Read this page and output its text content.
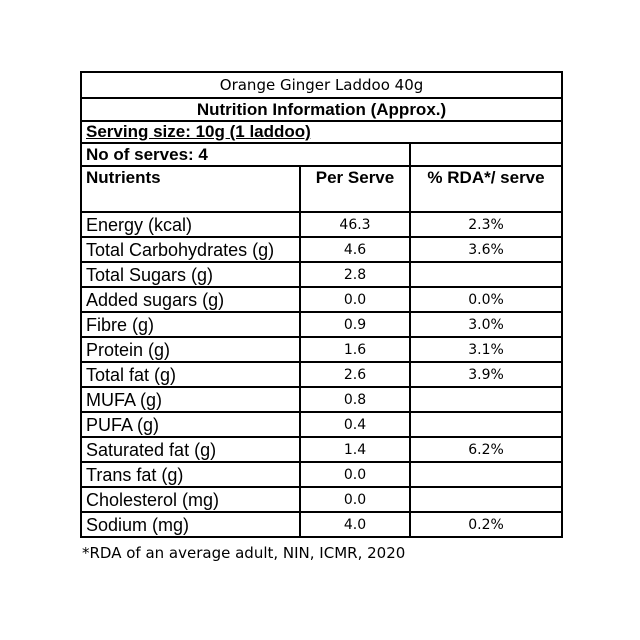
Orange Ginger Laddoo 40g		
Nutrition Information (Approx.)		
Serving size: 10g (1 laddoo)		
No of serves: 4		
Nutrients	Per Serve	% RDA*/ serve
Energy (kcal)	46.3	2.3%
Total Carbohydrates (g)	4.6	3.6%
Total Sugars (g)	2.8	
Added sugars (g)	0.0	0.0%
Fibre (g)	0.9	3.0%
Protein (g)	1.6	3.1%
Total fat (g)	2.6	3.9%
MUFA (g)	0.8	
PUFA (g)	0.4	
Saturated fat (g)	1.4	6.2%
Trans fat (g)	0.0	
Cholesterol (mg)	0.0	
Sodium (mg)	4.0	0.2%
*RDA of an average adult, NIN, ICMR, 2020
